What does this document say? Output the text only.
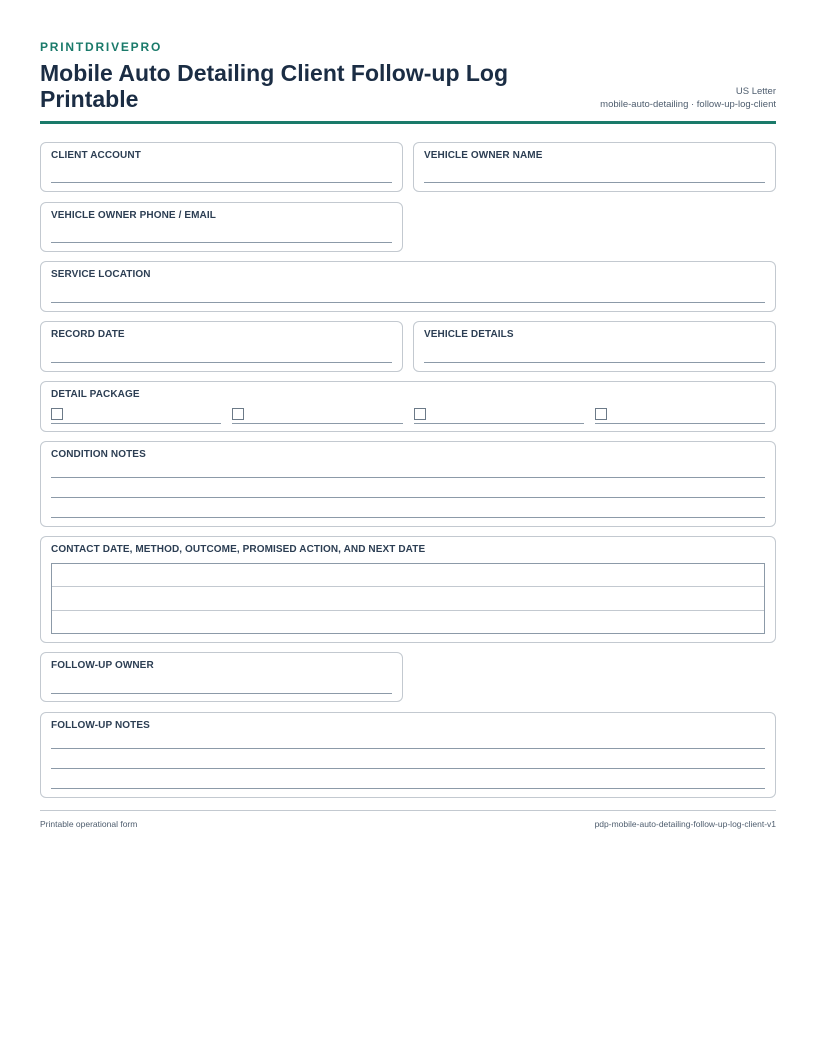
PRINTDRIVEPRO
Mobile Auto Detailing Client Follow-up Log Printable	US Letter
mobile-auto-detailing · follow-up-log-client
CLIENT ACCOUNT	VEHICLE OWNER NAME
VEHICLE OWNER PHONE / EMAIL
SERVICE LOCATION
RECORD DATE	VEHICLE DETAILS
DETAIL PACKAGE
CONDITION NOTES
CONTACT DATE, METHOD, OUTCOME, PROMISED ACTION, AND NEXT DATE
FOLLOW-UP OWNER
FOLLOW-UP NOTES
Printable operational form	pdp-mobile-auto-detailing-follow-up-log-client-v1
